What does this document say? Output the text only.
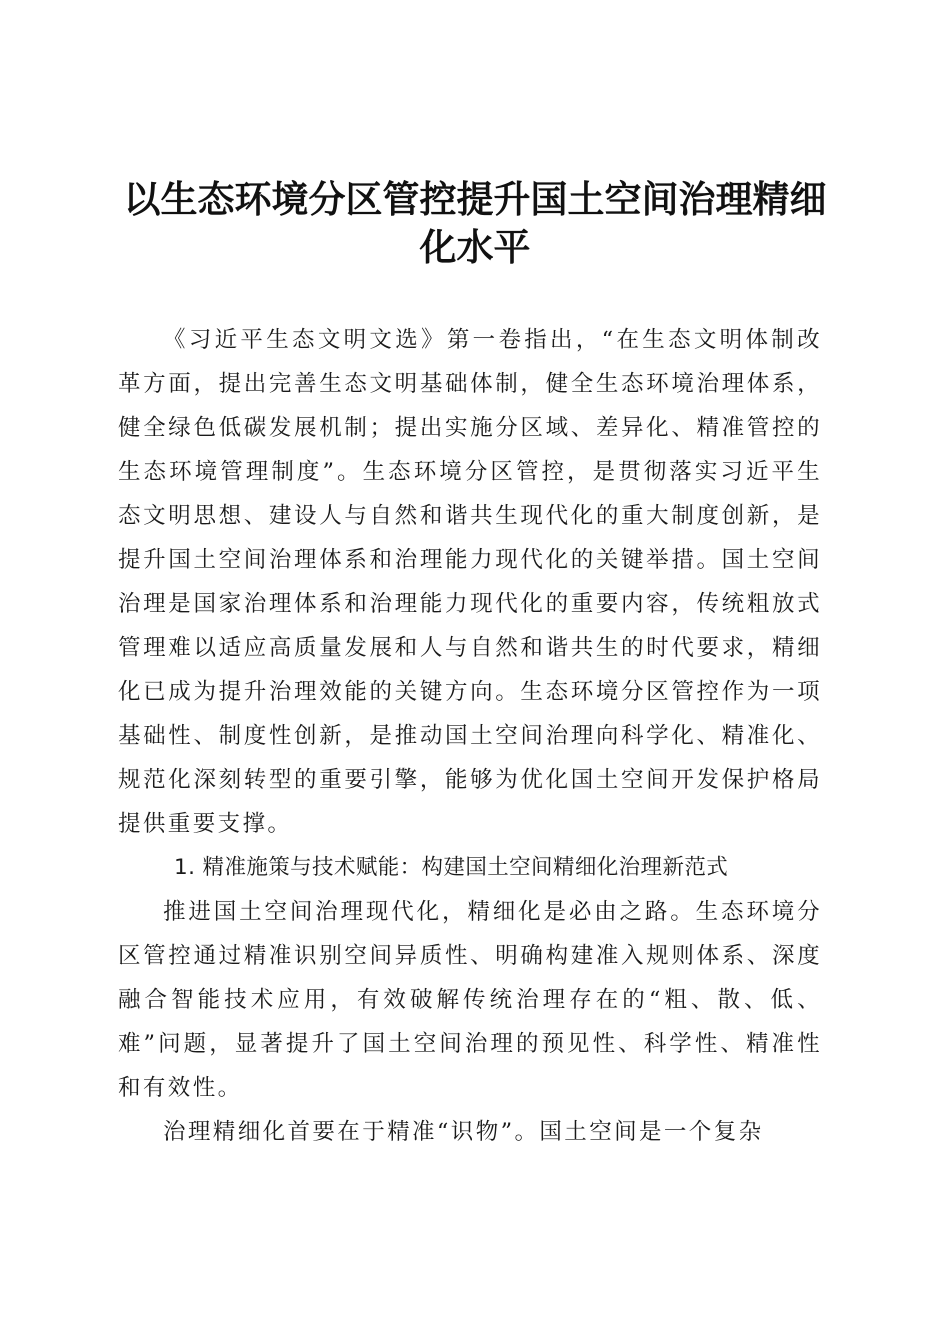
以生态环境分区管控提升国土空间治理精细化水平

《习近平生态文明文选》第一卷指出，“在生态文明体制改革方面，提出完善生态文明基础体制，健全生态环境治理体系，健全绿色低碳发展机制；提出实施分区域、差异化、精准管控的生态环境管理制度”。生态环境分区管控，是贯彻落实习近平生态文明思想、建设人与自然和谐共生现代化的重大制度创新，是提升国土空间治理体系和治理能力现代化的关键举措。国土空间治理是国家治理体系和治理能力现代化的重要内容，传统粗放式管理难以适应高质量发展和人与自然和谐共生的时代要求，精细化已成为提升治理效能的关键方向。生态环境分区管控作为一项基础性、制度性创新，是推动国土空间治理向科学化、精准化、规范化深刻转型的重要引擎，能够为优化国土空间开发保护格局提供重要支撑。

1. 精准施策与技术赋能：构建国土空间精细化治理新范式

推进国土空间治理现代化，精细化是必由之路。生态环境分区管控通过精准识别空间异质性、明确构建准入规则体系、深度融合智能技术应用，有效破解传统治理存在的“粗、散、低、难”问题，显著提升了国土空间治理的预见性、科学性、精准性和有效性。

治理精细化首要在于精准“识物”。国土空间是一个复杂
